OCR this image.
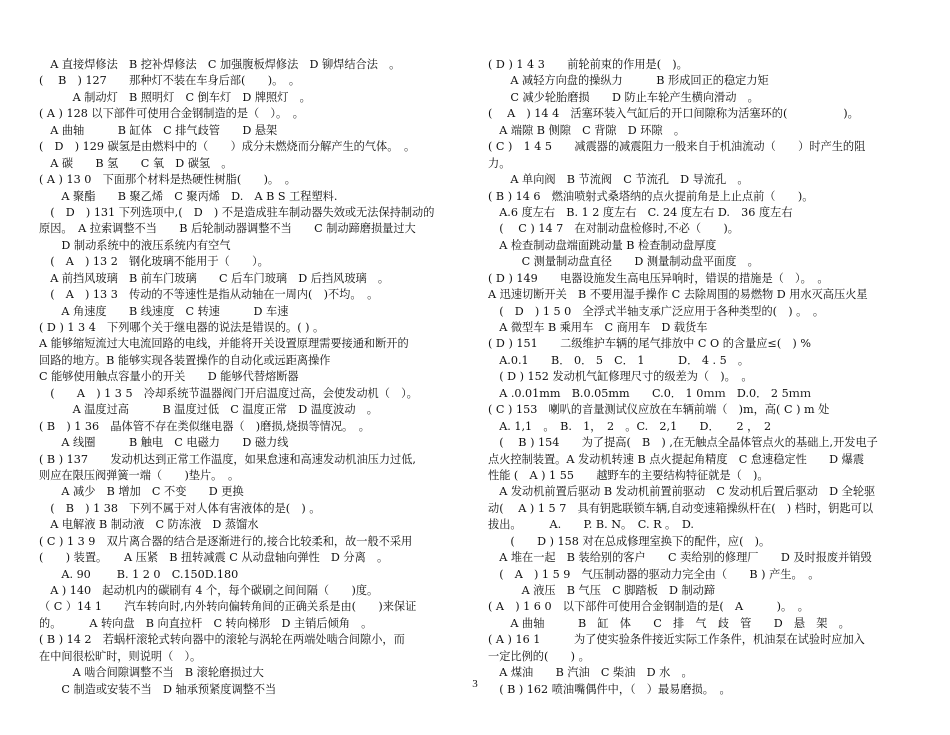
　A 直接焊修法　B 挖补焊修法　C 加强腹板焊修法　D 铆焊结合法　。
(　 B　) 127　　那种灯不装在车身后部(　　)。　。
　　　A 制动灯　B 照明灯　C 倒车灯　D 牌照灯　。
( A ) 128 以下部件可使用合金钢制造的是（　）。　。
　A 曲轴　　　B 缸体　C 排气歧管　　D 悬架
(　D　) 129 碳氢是由燃料中的（　　）成分未燃烧而分解产生的气体。　。
　A 碳　　B 氢　　C 氧　D 碳氢　。
( A ) 13 0　下面那个材料是热硬性树脂(　　)。　。
　　A 聚酯　　B 聚乙烯　C 聚丙烯　D.　A B S 工程塑料.
　(　D　) 131 下列选项中,(　D　) 不是造成驻车制动器失效或无法保持制动的
原因。　A 拉索调整不当　　B 后轮制动器调整不当　　C 制动蹄磨损量过大
　　D 制动系统中的液压系统内有空气
　(　A　) 13 2　钢化玻璃不能用于（　　）。
　A 前挡风玻璃　B 前车门玻璃　　C 后车门玻璃　D 后挡风玻璃　。
　(　A　) 13 3　传动的不等速性是指从动轴在一周内(　)不均。　。
　　A 角速度　　B 线速度　C 转速　　　D 车速
( D ) 1 3 4　下列哪个关于继电器的说法是错误的。( ) 。
A 能够缩短流过大电流回路的电线，并能将开关设置原理需要接通和断开的
回路的地方。B 能够实现各装置操作的自动化或远距离操作
C 能够使用触点容量小的开关　　D 能够代替熔断器
　(　　A　) 1 3 5　冷却系统节温器阀门开启温度过高，会使发动机（　）。
　　　A 温度过高　　　B 温度过低　C 温度正常　D 温度波动　。
( B　) 1 36　晶体管不存在类似继电器（　)磨损,烧损等情况。　。
　　A 线圈　　　B 触电　C 电磁力　　D 磁力线
( B ) 137　　发动机达到正常工作温度，如果怠速和高速发动机油压力过低,
则应在限压阀弹簧一端（　　)垫片。　。
　　A 减少　B 增加　C 不变　　D 更换
　(　B　) 1 38　下列不属于对人体有害液体的是(　) 。
　A 电解液 B 制动液　C 防冻液　D 蒸馏水
( C ) 1 3 9　双片离合器的结合是逐渐进行的,接合比较柔和，故一般不采用
(　　) 装置。　　A 压紧　B 扭转减震 C 从动盘轴向弹性　D 分离　。
　　A. 90 　　B. 1 2 0　C.150D.180
　A ) 140　起动机内的碳刷有 4 个，每个碳刷之间间隔（　　)度。
（ C ）14 1　　汽车转向时,内外转向偏转角间的正确关系是由(　　)来保证
的。　　　A 转向盘　B 向直拉杆　C 转向梯形　D 主销后倾角　。
( B ) 14 2　若蜗杆滚轮式转向器中的滚轮与涡轮在两端处啮合间隙小，而
在中间很松旷时，则说明（　）。
　　　A 啮合间隙调整不当　B 滚轮磨损过大
　　C 制造或安装不当　D 轴承预紧度调整不当
( D ) 1 4 3　　前轮前束的作用是(　)。
　　A 减轻方向盘的操纵力　　　B 形成回正的稳定力矩
　　C 减少轮胎磨损　　D 防止车轮产生横向滑动　。
(　 A　) 14 4　活塞环装入气缸后的开口间隙称为活塞环的(　　　　　)。
　A 端隙 B 侧隙　C 背隙　D 环隙　。
( C )　1 4 5　　减震器的减震阻力一般来自于机油流动（　　）时产生的阻
力。
　　A 单向阀　B 节流阀　C 节流孔　D 导流孔　。
( B ) 14 6　燃油喷射式桑塔纳的点火提前角是上止点前（　　)。
　A.6 度左右　B. 1 2 度左右　C. 24 度左右 D.　36 度左右
　(　 C ) 14 7　在对制动盘检修时,不必（　　)。
　A 检查制动盘端面跳动量 B 检查制动盘厚度
　　　C 测量制动盘直径　　D 测量制动盘平面度　。
( D ) 149　　电器设施发生高电压异响时，错误的措施是（　）。　。
A 迅速切断开关　B 不要用湿手操作 C 去除周围的易燃物 D 用水灭高压火星
　(　D　) 1 5 0　全浮式半轴支承广泛应用于各种类型的(　) 。　。
　A 微型车 B 乘用车　C 商用车　D 载货车
( D ) 151　　二级维护车辆的尾气排放中 C O 的含量应≤(　) %
　A.0.1　　B． 0． 5　C． 1　　　D． 4 . 5　。
　( D ) 152 发动机气缸修理尺寸的级差为（　)。　。
　A .0.01mm　B.0.05mm　　C.0． 1 0ｍｍ　D.0． 2 5ｍｍ
( C ) 153　喇叭的音量测试仪应放在车辆前端（　)m，高( C ) m 处
　A. 1,1　。　B.　1，　2　。C.　2,1　　D．　　2 ，　2
　(　 B ) 154　　为了提高(　B　) ,在无触点全晶体管点火的基础上,开发电子
点火控制装置。A 发动机转速 B 点火提起角精度　C 怠速稳定性　　D 爆震
性能 (　A ) 1 55　　越野车的主要结构特征就是（　)。
　A 发动机前置后驱动 B 发动机前置前驱动　C 发动机后置后驱动　D 全轮驱
动(　 A ) 1 5 7　具有钥匙联锁车辆,自动变速箱操纵杆在(　) 档时，钥匙可以
拔出。　　　A.　　P. B. N。　C. R 。　D.
　　(　　D ) 158 对在总成修理室换下的配件，应(　)。
　A 堆在一起　B 装给别的客户　　C 卖给别的修理厂　　D 及时报废并销毁
　(　A　) 1 5 9　气压制动器的驱动力完全由（　　B ) 产生。　。
　　　A 液压　B 气压　C 脚踏板　D 制动蹄
( A　) 1 6 0　以下部件可使用合金钢制造的是(　A　　　)。　。
　　A 曲轴　　　B　缸　体　　C　排　气　歧　管　　D　悬　架　。
( A ) 16 1　　　为了使实验条件接近实际工作条件，机油泵在试验时应加入
一定比例的(　　) 。
　A 煤油　　B 汽油　C 柴油　D 水　。
　( B ) 162 喷油嘴偶件中，（　）最易磨损。　。
3
